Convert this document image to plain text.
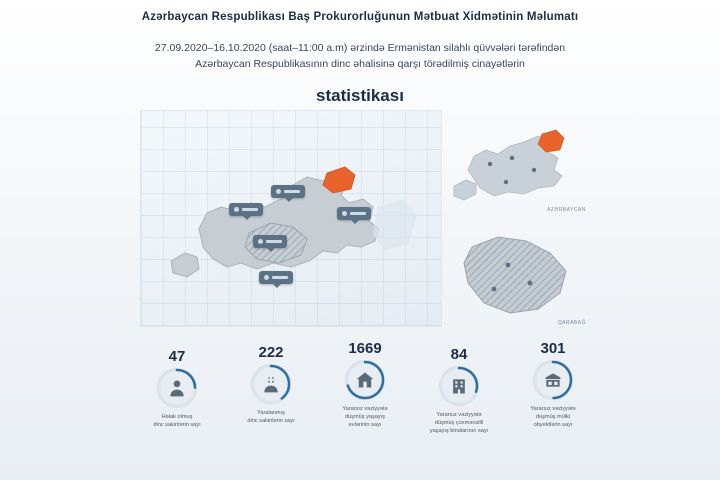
Azərbaycan Respublikası Baş Prokurorluğunun Mətbuat Xidmətinin Məlumatı
27.09.2020–16.10.2020 (saat–11:00 a.m) ərzində Ermənistan silahlı qüvvələri tərəfindən
Azərbaycan Respublikasının dinc əhalisinə qarşı törədilmiş cinayətlərin
statistikası
AZƏRBAYCAN
QARABAĞ
47
Həlak olmuş
dinc sakinlərin sayı
222
Yaralanmış
dinc sakinlərin sayı
1669
Yararsız vəziyyətə
düşmüş yaşayış
evlərinin sayı
84
Yararsız vəziyyətə
düşmüş çoxmənzilli
yaşayış binalarının sayı
301
Yararsız vəziyyətə
düşmüş mülki
obyektlərin sayı
